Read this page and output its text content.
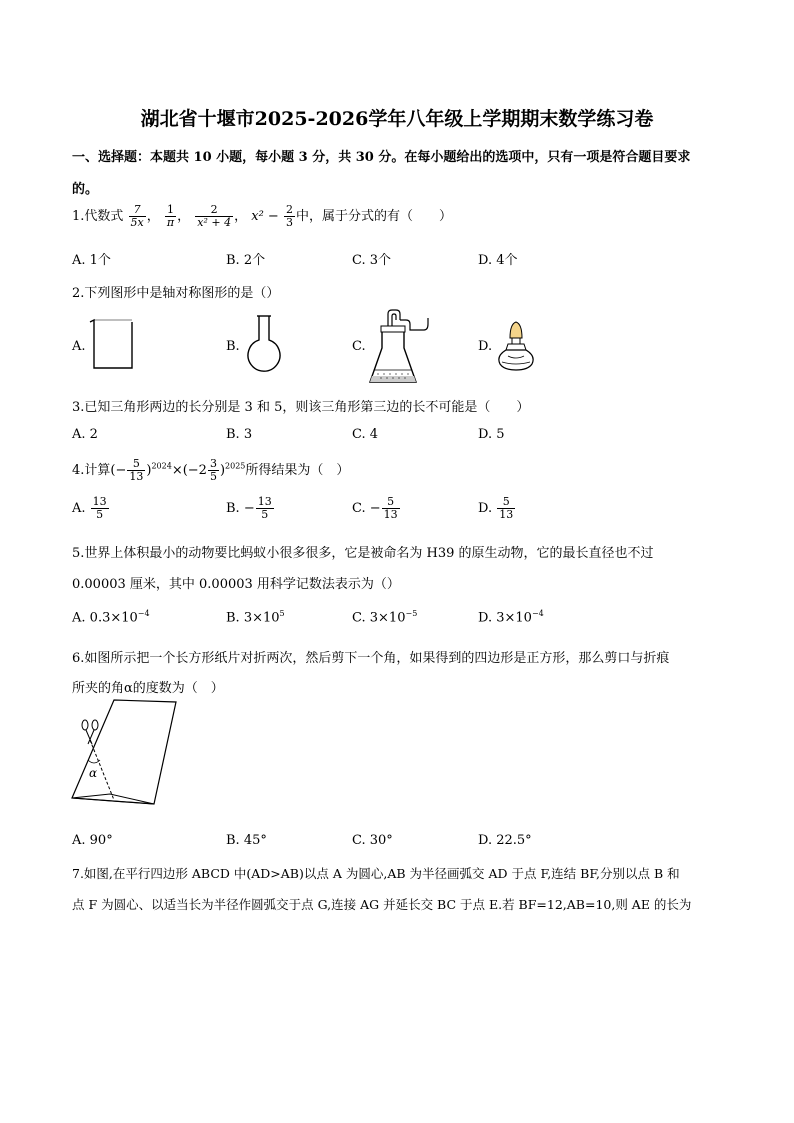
湖北省十堰市2025-2026学年八年级上学期期末数学练习卷
一、选择题：本题共 10 小题，每小题 3 分，共 30 分。在每小题给出的选项中，只有一项是符合题目要求
的。
1.代数式 $\frac{7}{5x}$ ， $\frac{1}{\pi}$ ， $\frac{2}{\text{x² + 4}}$ ， $x^2 - \frac{2}{3}$ 中，属于分式的有（　　）
A. 1个	B. 2个	C. 3个	D. 4个
2.下列图形中是轴对称图形的是（）
A.	B.	C.	D.
3.已知三角形两边的长分别是 3 和 5，则该三角形第三边的长不可能是（　　）
A. 2	B. 3	C. 4	D. 5
4.计算(− $\frac{5}{13} )^{2024}\times(-2 \frac{3}{5} )^{2025}$所得结果为（　）
A. $\frac{13}{5}$	B. − $\frac{13}{5}$	C. − $\frac{5}{13}$	D. $\frac{5}{13}$
5.世界上体积最小的动物要比蚂蚁小很多很多，它是被命名为 H39 的原生动物，它的最长直径也不过
0.00003 厘米，其中 0.00003 用科学记数法表示为（）
A. $0.3\times 10^{-4}$	B. $3\times 10^5$	C. $3\times 10^{-5}$	D. $3\times 10^{-4}$
6.如图所示把一个长方形纸片对折两次，然后剪下一个角，如果得到的四边形是正方形，那么剪口与折痕
所夹的角α的度数为（　）
α
A. 90°	B. 45°	C. 30°	D. 22.5°
7.如图,在平行四边形 ABCD 中(AD>AB)以点 A 为圆心,AB 为半径画弧交 AD 于点 F,连结 BF,分别以点 B 和
点 F 为圆心、以适当长为半径作圆弧交于点 G,连接 AG 并延长交 BC 于点 E.若 BF=12,AB=10,则 AE 的长为
